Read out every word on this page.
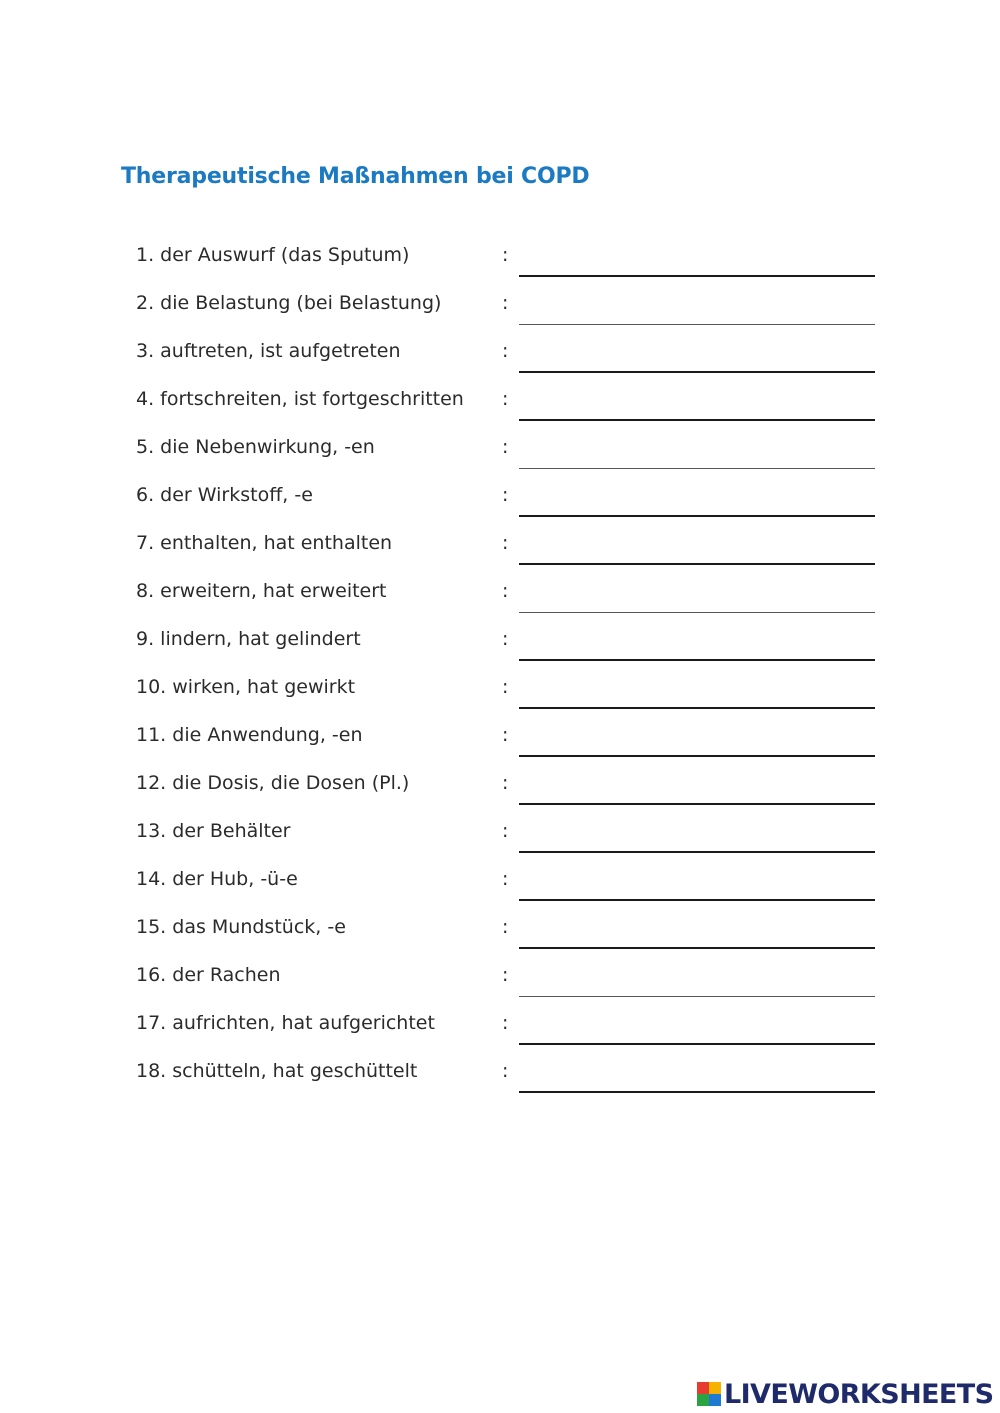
Therapeutische Maßnahmen bei COPD
1. der Auswurf (das Sputum)	:
2. die Belastung (bei Belastung)	:
3. auftreten, ist aufgetreten	:
4. fortschreiten, ist fortgeschritten :
5. die Nebenwirkung, -en	:
6. der Wirkstoff, -e	:
7. enthalten, hat enthalten	:
8. erweitern, hat erweitert	:
9. lindern, hat gelindert	:
10. wirken, hat gewirkt	:
11. die Anwendung, -en	:
12. die Dosis, die Dosen (Pl.)	:
13. der Behälter	:
14. der Hub, -ü-e	:
15. das Mundstück, -e	:
16. der Rachen	:
17. aufrichten, hat aufgerichtet	:
18. schütteln, hat geschüttelt	:
LIVEWORKSHEETS
